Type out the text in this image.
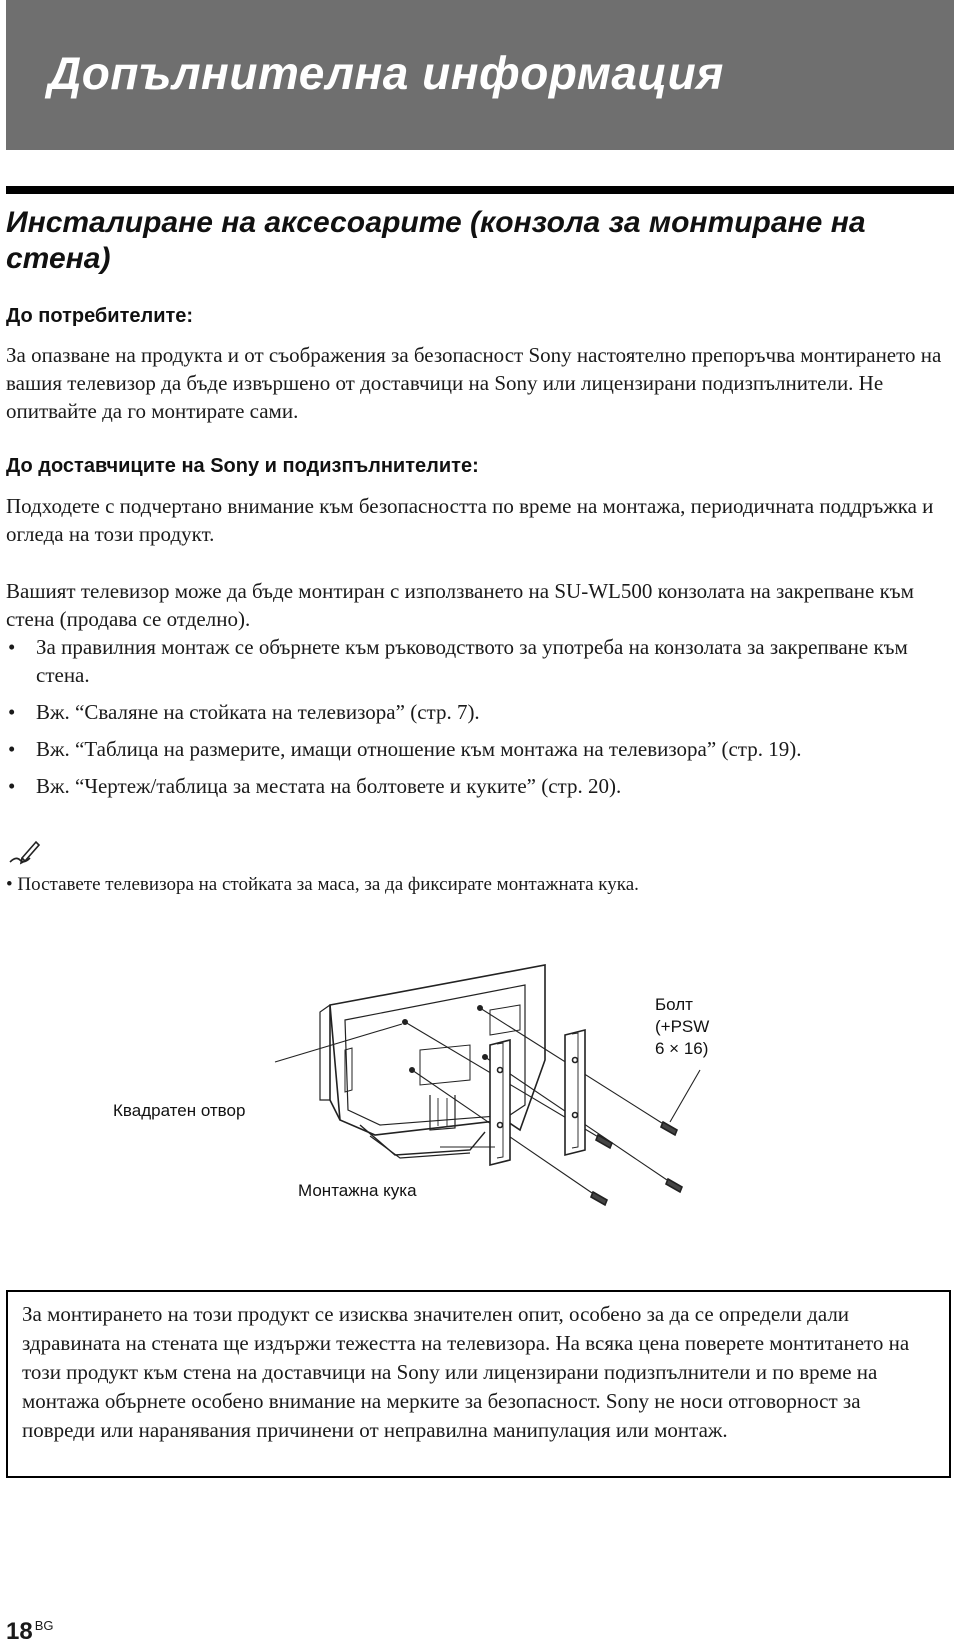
Допълнителна информация
Инсталиране на аксесоарите (конзола за монтиране на стена)
До потребителите:
За опазване на продукта и от съображения за безопасност Sony настоятелно препоръчва монтирането на вашия телевизор да бъде извършено от доставчици на Sony или лицензирани подизпълнители. Не опитвайте да го монтирате сами.
До доставчиците на Sony и подизпълнителите:
Подходете с подчертано внимание към безопасността по време на монтажа, периодичната поддръжка и огледа на този продукт.
Вашият телевизор може да бъде монтиран с използването на SU-WL500 конзолата на закрепване към стена (продава се отделно).
• За правилния монтаж се обърнете към ръководството за употреба на конзолата за закрепване към стена.
• Вж. “Сваляне на стойката на телевизора” (стр. 7).
• Вж. “Таблица на размерите, имащи отношение към монтажа на телевизора” (стр. 19).
• Вж. “Чертеж/таблица за местата на болтовете и куките” (стр. 20).
• Поставете телевизора на стойката за маса, за да фиксирате монтажната кука.
Болт
(+PSW
6 × 16)
Квадратен отвор
Монтажна кука
За монтирането на този продукт се изисква значителен опит, особено за да се определи дали здравината на стената ще издържи тежестта на телевизора. На всяка цена поверете монтитането на този продукт към стена на доставчици на Sony или лицензирани подизпълнители и по време на монтажа обърнете особено внимание на мерките за безопасност. Sony не носи отговорност за повреди или наранявания причинени от неправилна манипулация или монтаж.
18 $^{BG}$
